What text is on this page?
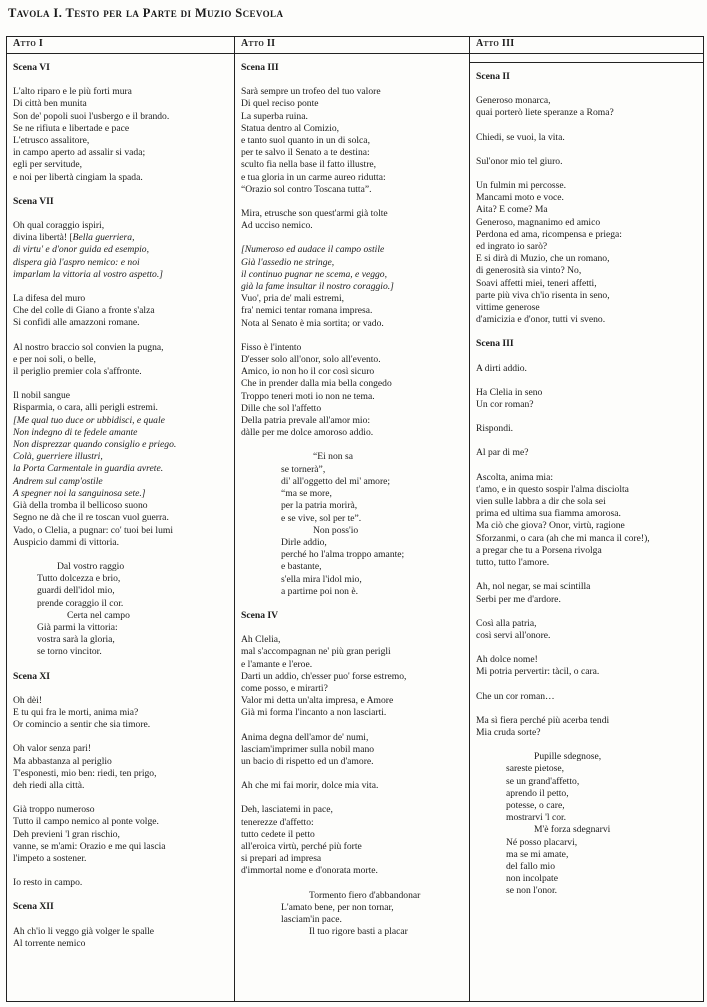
Tavola I. Testo per la Parte di Muzio Scevola
Atto I
Scena VI

L'alto riparo e le più forti mura

Di città ben munita

Son de' popoli suoi l'usbergo e il brando.

Se ne rifiuta e libertade e pace

L'etrusco assalitore,

in campo aperto ad assalir si vada;

egli per servitude,

e noi per libertà cingiam la spada.

Scena VII

Oh qual coraggio ispiri,

divina libertà! [Bella guerriera,

di virtu' e d'onor guida ed esempio,

dispera già l'aspro nemico: e noi

imparlam la vittoria al vostro aspetto.]

La difesa del muro

Che del colle di Giano a fronte s'alza

Si confidi alle amazzoni romane.

Al nostro braccio sol convien la pugna,

e per noi soli, o belle,

il periglio premier cola s'affronte.

Il nobil sangue

Risparmia, o cara, alli perigli estremi.

[Me qual tuo duce or ubbidisci, e quale

Non indegno di te fedele amante

Non disprezzar quando consiglio e priego.

Colà, guerriere illustri,

la Porta Carmentale in guardia avrete.

Andrem sul camp'ostile

A spegner noi la sanguinosa sete.]

Già della tromba il bellicoso suono

Segno ne dà che il re toscan vuol guerra.

Vado, o Clelia, a pugnar: co' tuoi bei lumi

Auspicio dammi di vittoria.

Dal vostro raggio

Tutto dolcezza e brio,

guardi dell'idol mio,

prende coraggio il cor.

Certa nel campo

Già parmi la vittoria:

vostra sarà la gloria,

se torno vincitor.

Scena XI

Oh dèi!

E tu qui fra le morti, anima mia?

Or comincio a sentir che sia timore.

Oh valor senza pari!

Ma abbastanza al periglio

T'esponesti, mio ben: riedi, ten prigo,

deh riedi alla città.

Già troppo numeroso

Tutto il campo nemico al ponte volge.

Deh previeni 'l gran rischio,

vanne, se m'ami: Orazio e me qui lascia

l'impeto a sostener.

Io resto in campo.

Scena XII

Ah ch'io li veggo già volger le spalle

Al torrente nemico

Atto II
Scena III

Sarà sempre un trofeo del tuo valore

Di quel reciso ponte

La superba ruina.

Statua dentro al Comizio,

e tanto suol quanto in un di solca,

per te salvo il Senato a te destina:

sculto fia nella base il fatto illustre,

e tua gloria in un carme aureo ridutta:

“Orazio sol contro Toscana tutta”.

Mira, etrusche son quest'armi già tolte

Ad ucciso nemico.

[Numeroso ed audace il campo ostile

Già l'assedio ne stringe,

il continuo pugnar ne scema, e veggo,

già la fame insultar il nostro coraggio.]

Vuo', pria de' mali estremi,

fra' nemici tentar romana impresa.

Nota al Senato è mia sortita; or vado.

Fisso è l'intento

D'esser solo all'onor, solo all'evento.

Amico, io non ho il cor così sicuro

Che in prender dalla mia bella congedo

Troppo teneri moti io non ne tema.

Dille che sol l'affetto

Della patria prevale all'amor mio:

dàlle per me dolce amoroso addio.

“Ei non sa

se tornerà”,

di' all'oggetto del mi' amore;

“ma se more,

per la patria morirà,

e se vive, sol per te”.

Non poss'io

Dirle addio,

perché ho l'alma troppo amante;

e bastante,

s'ella mira l'idol mio,

a partirne poi non è.

Scena IV

Ah Clelia,

mal s'accompagnan ne' più gran perigli

e l'amante e l'eroe.

Darti un addio, ch'esser puo' forse estremo,

come posso, e mirarti?

Valor mi detta un'alta impresa, e Amore

Già mi forma l'incanto a non lasciarti.

Anima degna dell'amor de' numi,

lasciam'imprimer sulla nobil mano

un bacio di rispetto ed un d'amore.

Ah che mi fai morir, dolce mia vita.

Deh, lasciatemi in pace,

tenerezze d'affetto:

tutto cedete il petto

all'eroica virtù, perché più forte

si prepari ad impresa

d'immortal nome e d'onorata morte.

Tormento fiero d'abbandonar

L'amato bene, per non tornar,

lasciam'in pace.

Il tuo rigore basti a placar

Atto III
Scena II

Generoso monarca,

quai porterò liete speranze a Roma?

Chiedi, se vuoi, la vita.

Sul'onor mio tel giuro.

Un fulmin mi percosse.

Mancami moto e voce.

Aita? E come? Ma

Generoso, magnanimo ed amico

Perdona ed ama, ricompensa e priega:

ed ingrato io sarò?

E si dirà di Muzio, che un romano,

di generosità sia vinto? No,

Soavi affetti miei, teneri affetti,

parte più viva ch'io risenta in seno,

vittime generose

d'amicizia e d'onor, tutti vi sveno.

Scena III

A dirti addio.

Ha Clelia in seno

Un cor roman?

Rispondi.

Al par di me?

Ascolta, anima mia:

t'amo, e in questo sospir l'alma disciolta

vien sulle labbra a dir che sola sei

prima ed ultima sua fiamma amorosa.

Ma ciò che giova? Onor, virtù, ragione

Sforzanmi, o cara (ah che mi manca il core!),

a pregar che tu a Porsena rivolga

tutto, tutto l'amore.

Ah, nol negar, se mai scintilla

Serbi per me d'ardore.

Così alla patria,

così servi all'onore.

Ah dolce nome!

Mi potria pervertir: tàcil, o cara.

Che un cor roman…

Ma sì fiera perché più acerba tendi

Mia cruda sorte?

Pupille sdegnose,

sareste pietose,

se un grand'affetto,

aprendo il petto,

potesse, o care,

mostrarvi 'l cor.

M'è forza sdegnarvi

Né posso placarvi,

ma se mi amate,

del fallo mio

non incolpate

se non l'onor.
